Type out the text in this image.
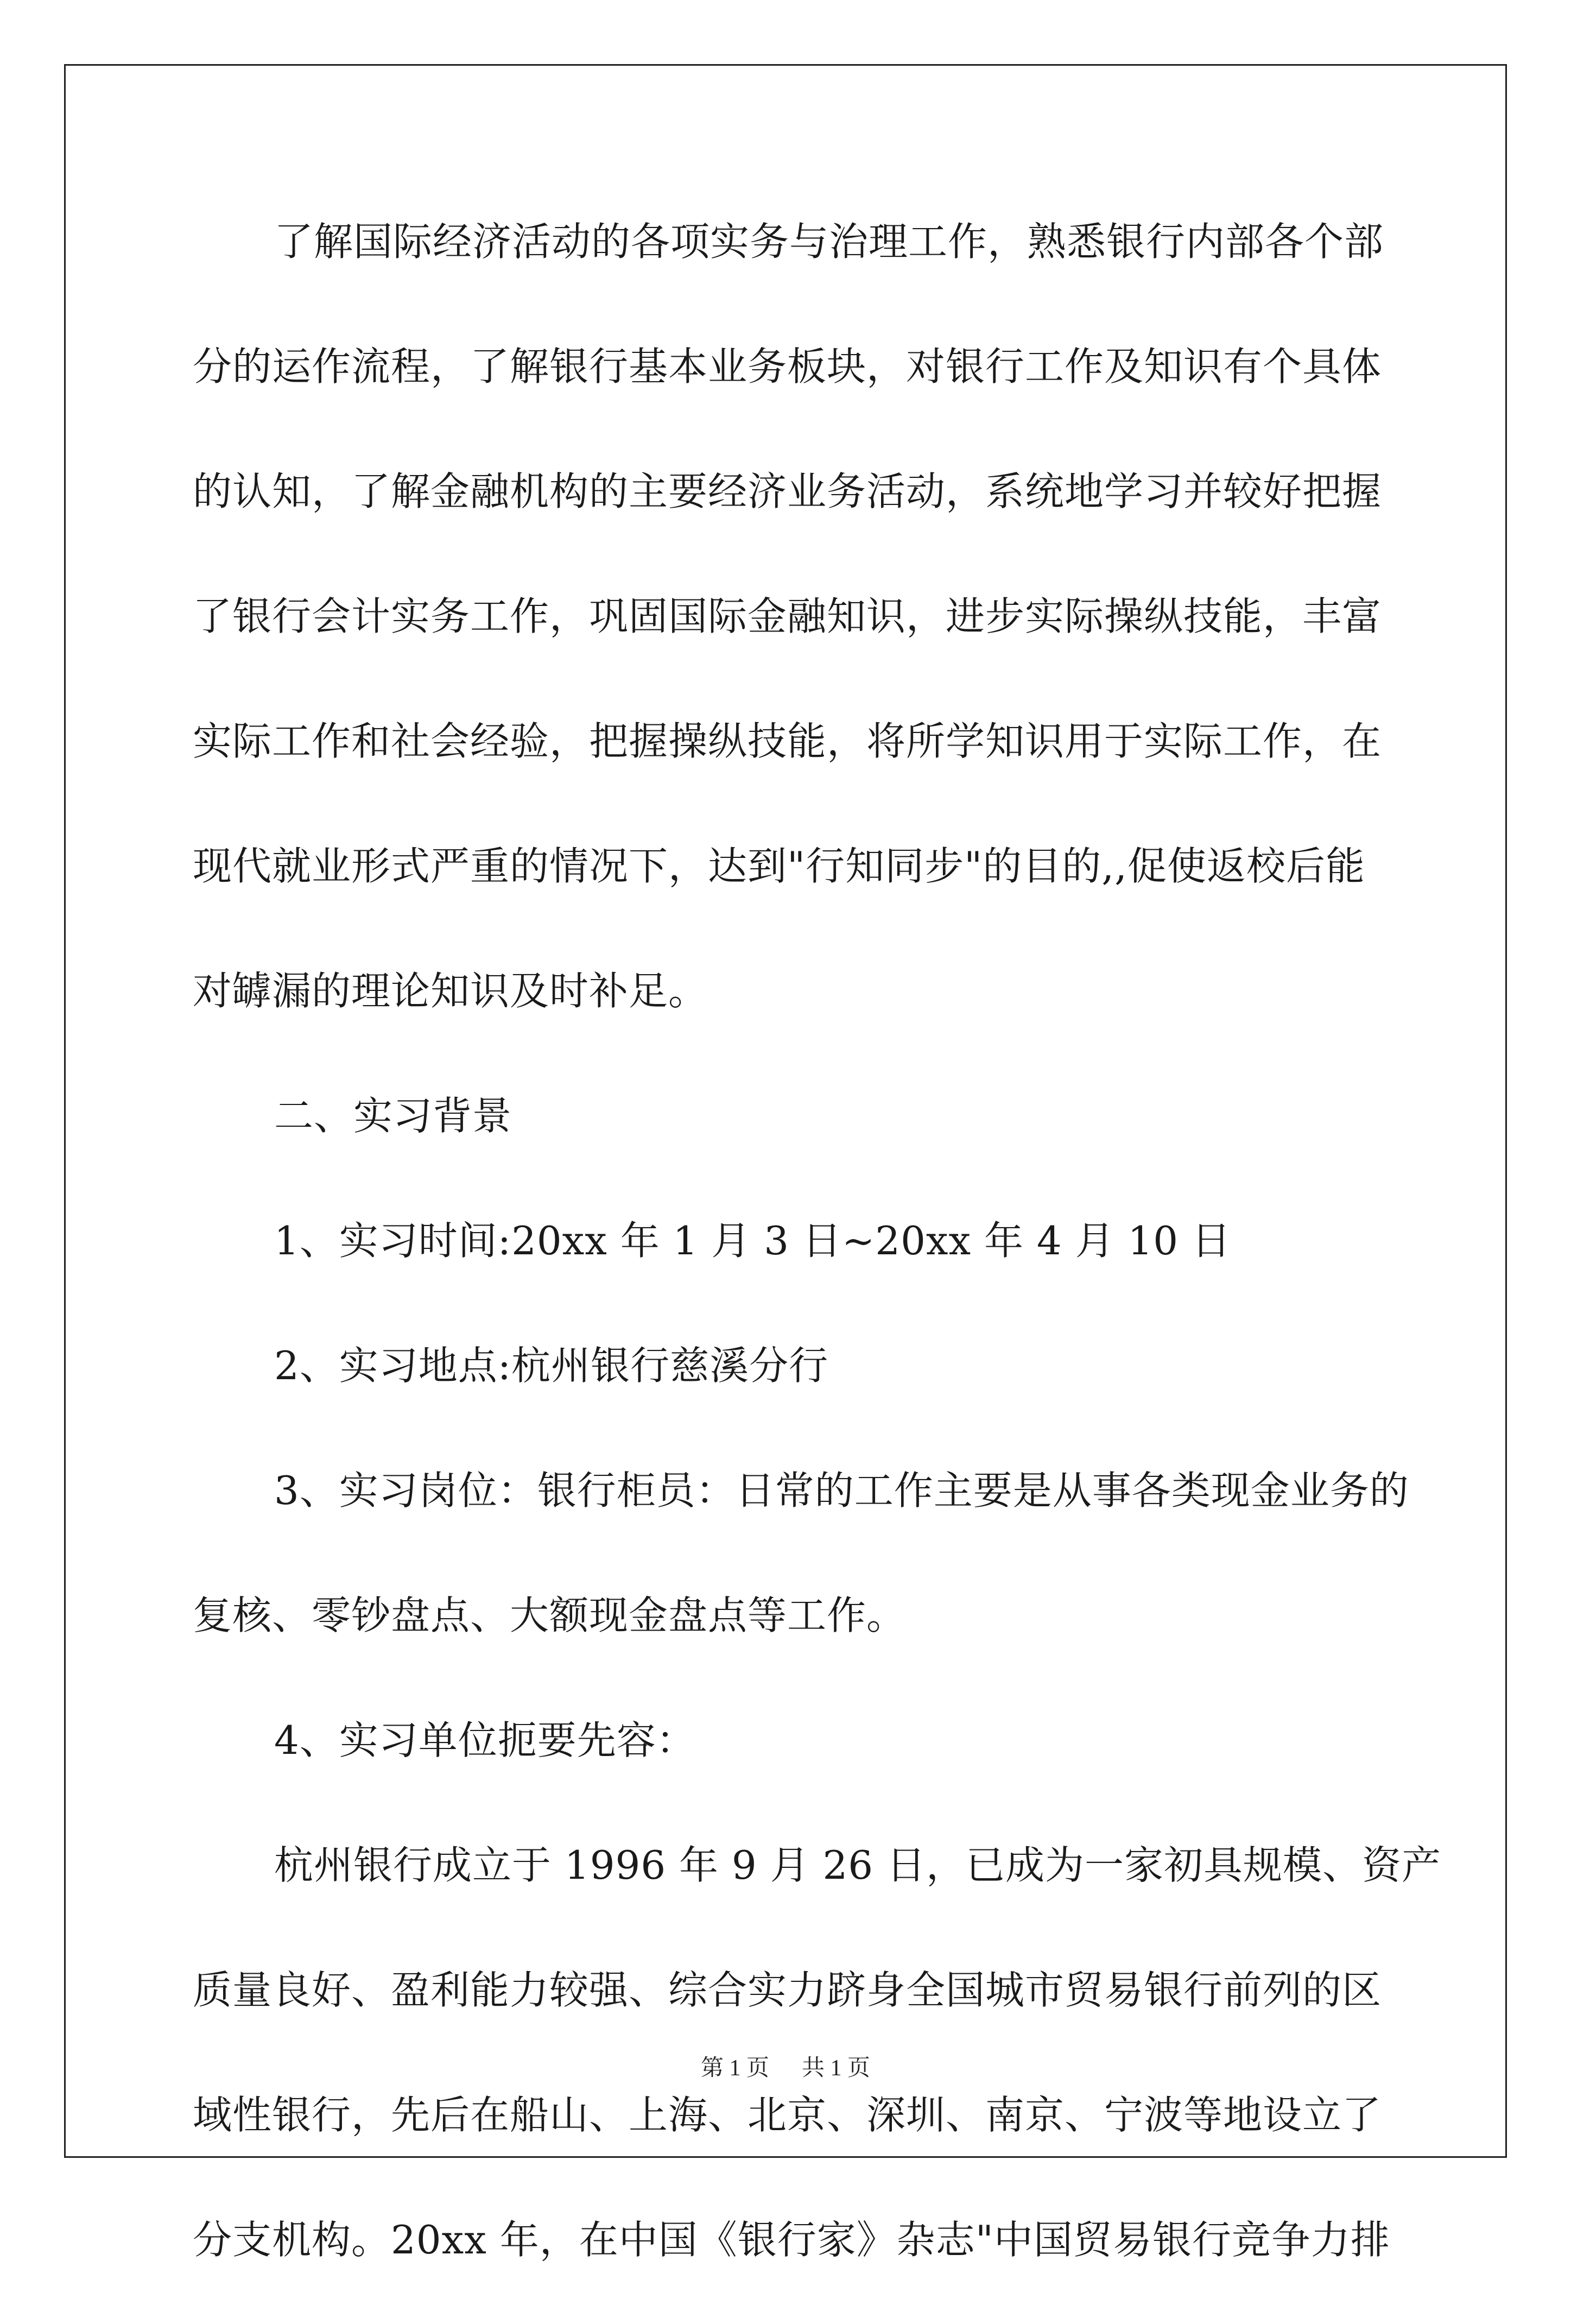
了解国际经济活动的各项实务与治理工作，熟悉银行内部各个部
分的运作流程，了解银行基本业务板块，对银行工作及知识有个具体
的认知，了解金融机构的主要经济业务活动，系统地学习并较好把握
了银行会计实务工作，巩固国际金融知识，进步实际操纵技能，丰富
实际工作和社会经验，把握操纵技能，将所学知识用于实际工作，在
现代就业形式严重的情况下，达到"行知同步"的目的,,促使返校后能
对罅漏的理论知识及时补足。
二、实习背景
1、实习时间:20xx 年 1 月 3 日~20xx 年 4 月 10 日
2、实习地点:杭州银行慈溪分行
3、实习岗位：银行柜员：日常的工作主要是从事各类现金业务的
复核、零钞盘点、大额现金盘点等工作。
4、实习单位扼要先容：
杭州银行成立于 1996 年 9 月 26 日，已成为一家初具规模、资产
质量良好、盈利能力较强、综合实力跻身全国城市贸易银行前列的区
域性银行，先后在船山、上海、北京、深圳、南京、宁波等地设立了
分支机构。20xx 年，在中国《银行家》杂志"中国贸易银行竞争力排
第 1 页 共 1 页
